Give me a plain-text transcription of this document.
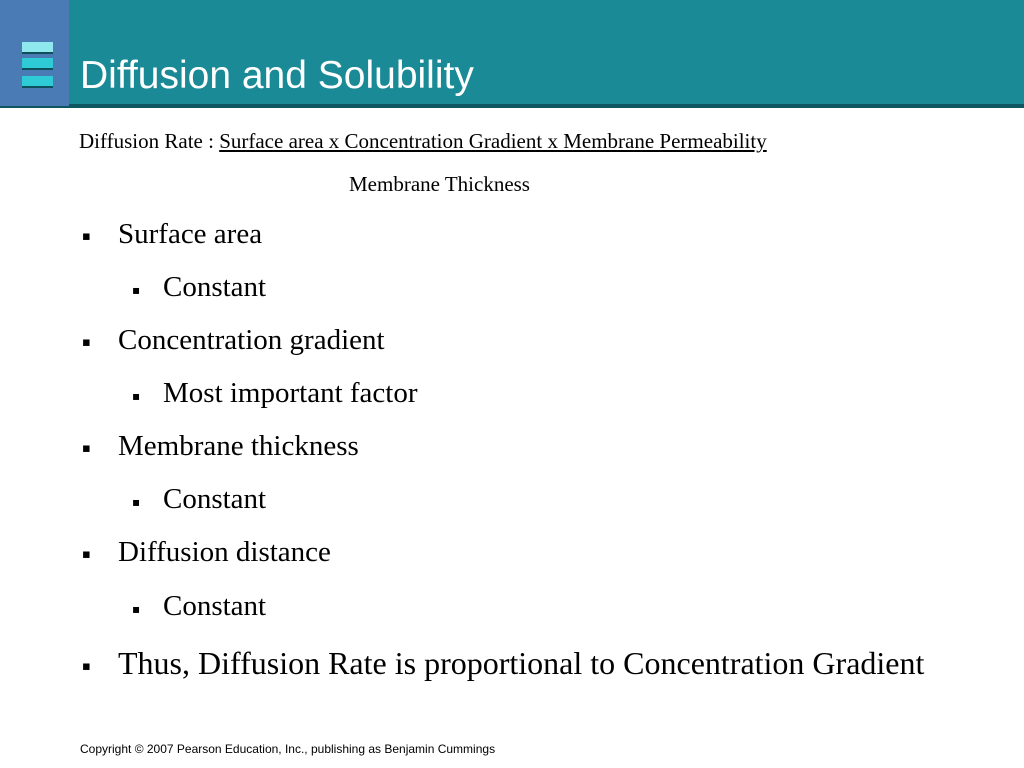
Diffusion and Solubility
Diffusion Rate : Surface area x Concentration Gradient x Membrane Permeability
Membrane Thickness
▪ Surface area
▪ Constant
▪ Concentration gradient
▪ Most important factor
▪ Membrane thickness
▪ Constant
▪ Diffusion distance
▪ Constant
▪ Thus, Diffusion Rate is proportional to Concentration Gradient
Copyright © 2007 Pearson Education, Inc., publishing as Benjamin Cummings
